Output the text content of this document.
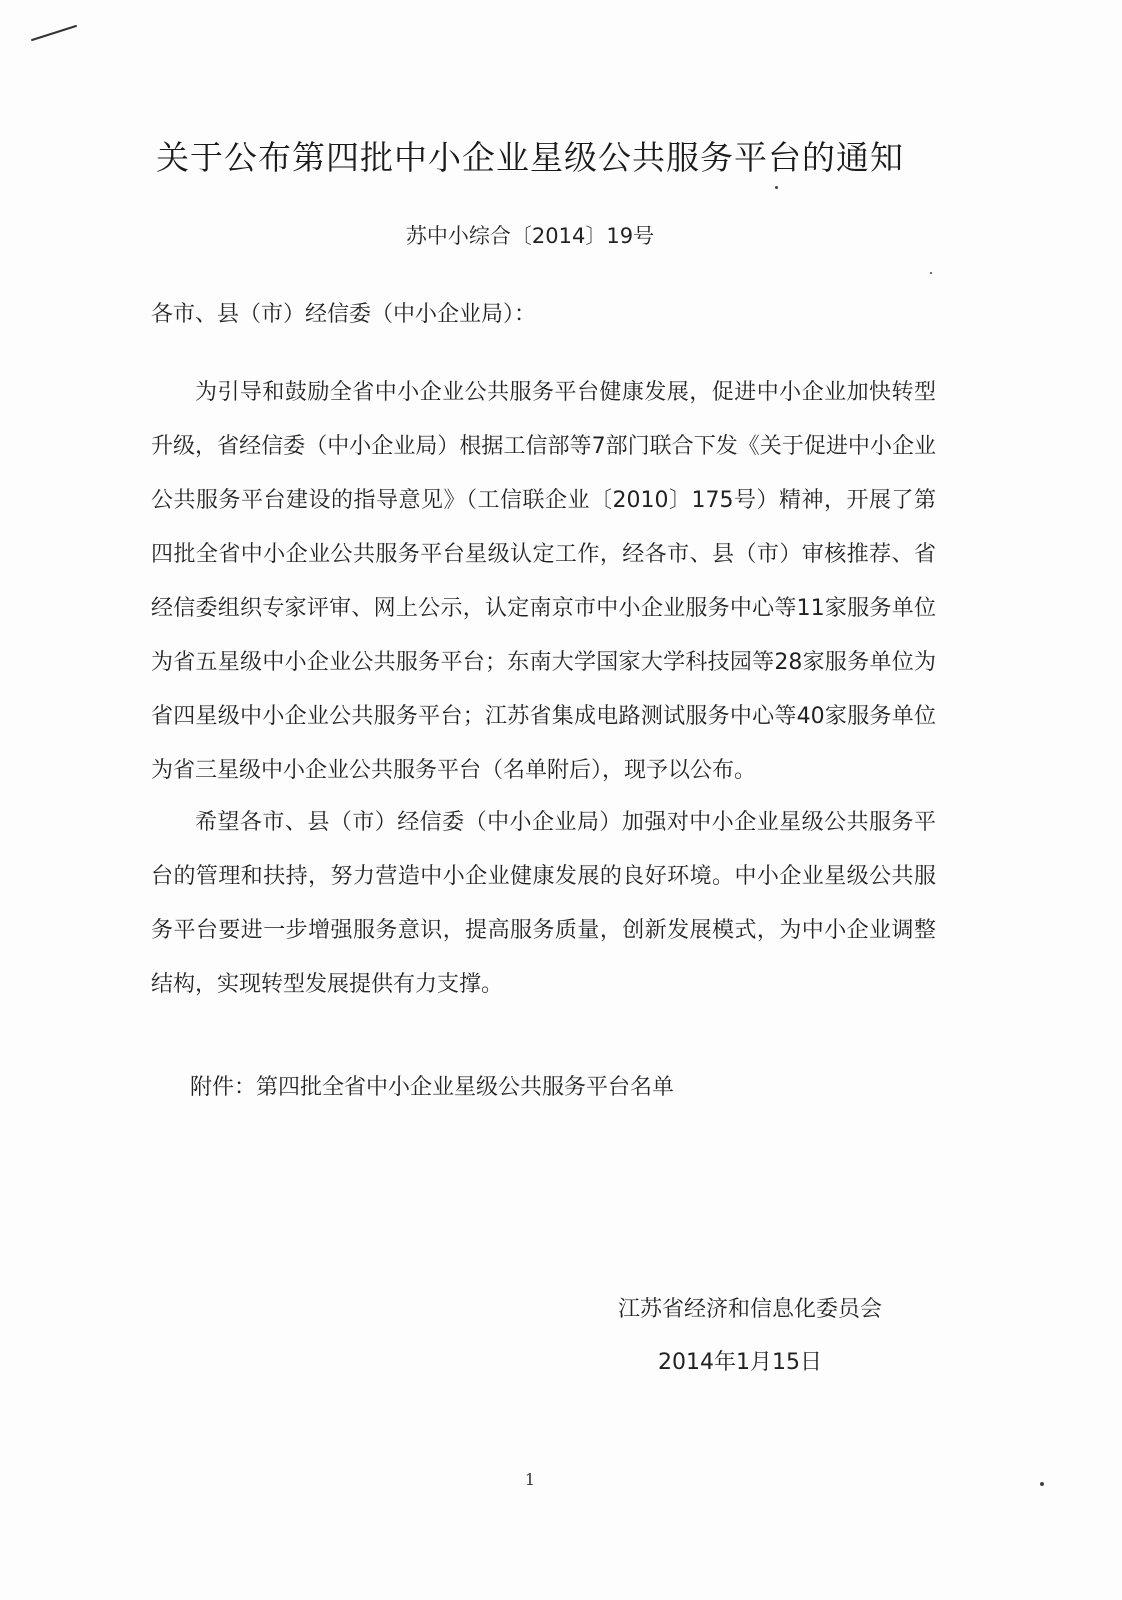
关于公布第四批中小企业星级公共服务平台的通知
苏中小综合〔2014〕19号
各市、县（市）经信委（中小企业局）：

为引导和鼓励全省中小企业公共服务平台健康发展，促进中小企业加快转型升级，省经信委（中小企业局）根据工信部等7部门联合下发《关于促进中小企业公共服务平台建设的指导意见》（工信联企业〔2010〕175号）精神，开展了第四批全省中小企业公共服务平台星级认定工作，经各市、县（市）审核推荐、省经信委组织专家评审、网上公示，认定南京市中小企业服务中心等11家服务单位为省五星级中小企业公共服务平台；东南大学国家大学科技园等28家服务单位为省四星级中小企业公共服务平台；江苏省集成电路测试服务中心等40家服务单位为省三星级中小企业公共服务平台（名单附后），现予以公布。

希望各市、县（市）经信委（中小企业局）加强对中小企业星级公共服务平台的管理和扶持，努力营造中小企业健康发展的良好环境。中小企业星级公共服务平台要进一步增强服务意识，提高服务质量，创新发展模式，为中小企业调整结构，实现转型发展提供有力支撑。

附件：第四批全省中小企业星级公共服务平台名单
江苏省经济和信息化委员会
2014年1月15日
1
